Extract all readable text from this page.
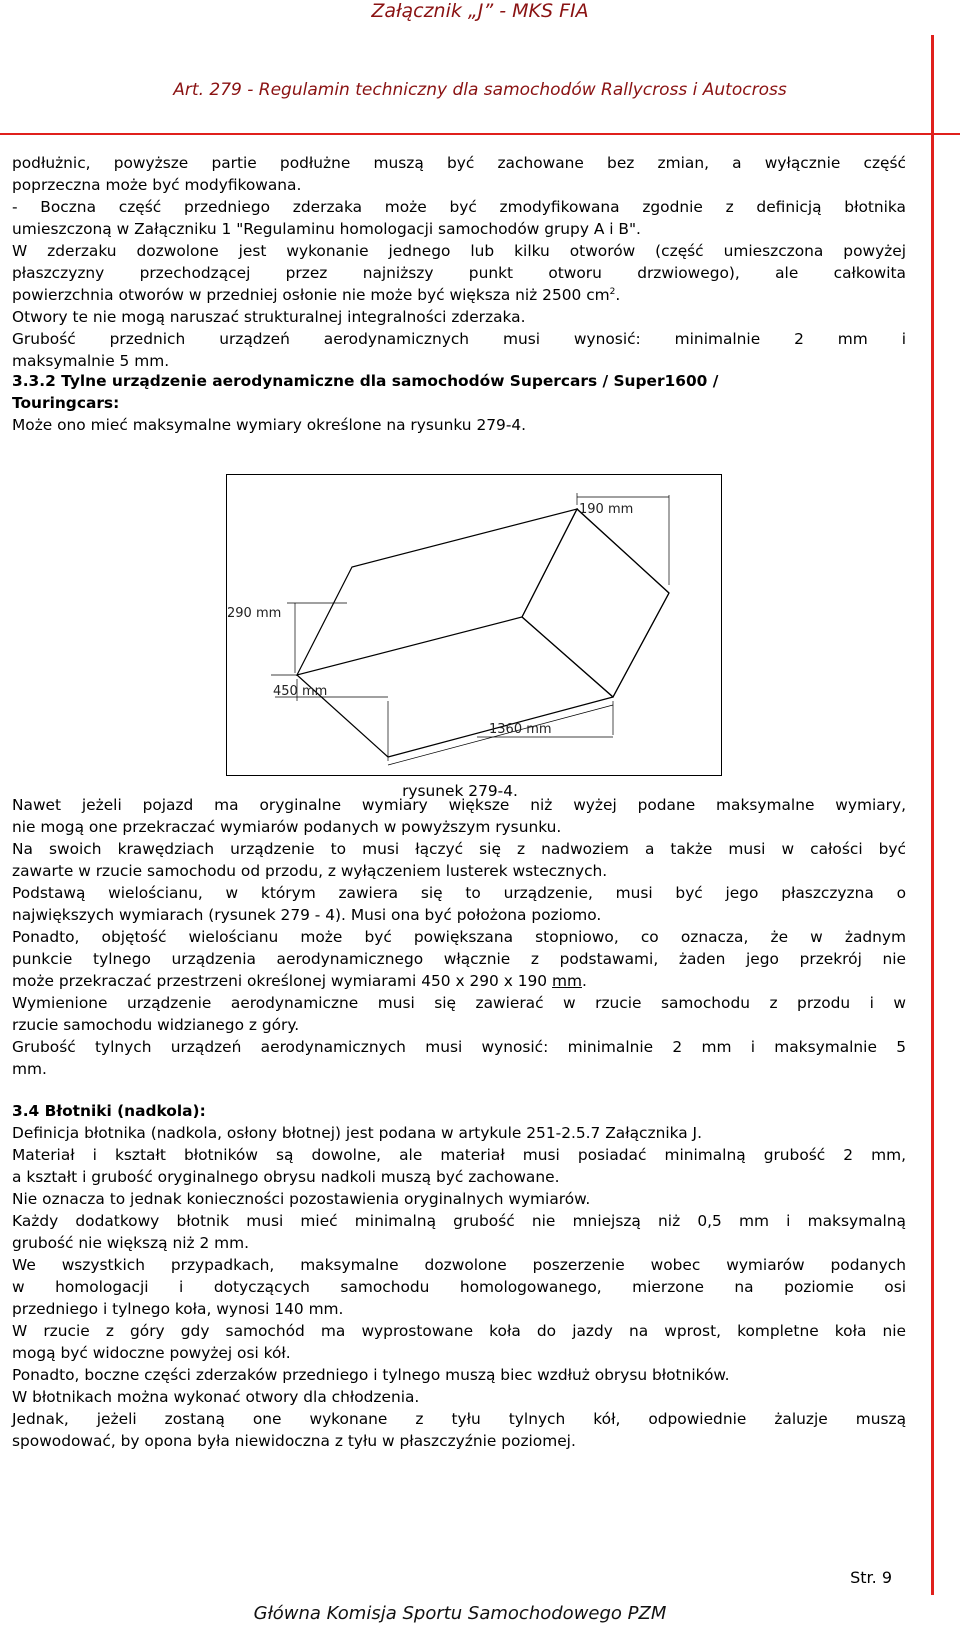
Załącznik „J” - MKS FIA
Art. 279 - Regulamin techniczny dla samochodów Rallycross i Autocross
podłużnic, powyższe partie podłużne muszą być zachowane bez zmian, a wyłącznie część
poprzeczna może być modyfikowana.
- Boczna część przedniego zderzaka może być zmodyfikowana zgodnie z definicją błotnika
umieszczoną w Załączniku 1 "Regulaminu homologacji samochodów grupy A i B".
W zderzaku dozwolone jest wykonanie jednego lub kilku otworów (część umieszczona powyżej
płaszczyzny przechodzącej przez najniższy punkt otworu drzwiowego), ale całkowita
powierzchnia otworów w przedniej osłonie nie może być większa niż 2500 $cm^2$.
Otwory te nie mogą naruszać strukturalnej integralności zderzaka.
Grubość przednich urządzeń aerodynamicznych musi wynosić: minimalnie 2 mm i
maksymalnie 5 mm.
3.3.2 Tylne urządzenie aerodynamiczne dla samochodów Supercars / Super1600 /
Touringcars:
Może ono mieć maksymalne wymiary określone na rysunku 279-4.
190 mm
290 mm
450 mm
1360 mm
rysunek 279-4.
Nawet jeżeli pojazd ma oryginalne wymiary większe niż wyżej podane maksymalne wymiary,
nie mogą one przekraczać wymiarów podanych w powyższym rysunku.
Na swoich krawędziach urządzenie to musi łączyć się z nadwoziem a także musi w całości być
zawarte w rzucie samochodu od przodu, z wyłączeniem lusterek wstecznych.
Podstawą wielościanu, w którym zawiera się to urządzenie, musi być jego płaszczyzna o
największych wymiarach (rysunek 279 - 4). Musi ona być położona poziomo.
Ponadto, objętość wielościanu może być powiększana stopniowo, co oznacza, że w żadnym
punkcie tylnego urządzenia aerodynamicznego włącznie z podstawami, żaden jego przekrój nie
może przekraczać przestrzeni określonej wymiarami 450 x 290 x 190 mm.
Wymienione urządzenie aerodynamiczne musi się zawierać w rzucie samochodu z przodu i w
rzucie samochodu widzianego z góry.
Grubość tylnych urządzeń aerodynamicznych musi wynosić: minimalnie 2 mm i maksymalnie 5
mm.
3.4 Błotniki (nadkola):
Definicja błotnika (nadkola, osłony błotnej) jest podana w artykule 251-2.5.7 Załącznika J.
Materiał i kształt błotników są dowolne, ale materiał musi posiadać minimalną grubość 2 mm,
a kształt i grubość oryginalnego obrysu nadkoli muszą być zachowane.
Nie oznacza to jednak konieczności pozostawienia oryginalnych wymiarów.
Każdy dodatkowy błotnik musi mieć minimalną grubość nie mniejszą niż 0,5 mm i maksymalną
grubość nie większą niż 2 mm.
We wszystkich przypadkach, maksymalne dozwolone poszerzenie wobec wymiarów podanych
w homologacji i dotyczących samochodu homologowanego, mierzone na poziomie osi
przedniego i tylnego koła, wynosi 140 mm.
W rzucie z góry gdy samochód ma wyprostowane koła do jazdy na wprost, kompletne koła nie
mogą być widoczne powyżej osi kół.
Ponadto, boczne części zderzaków przedniego i tylnego muszą biec wzdłuż obrysu błotników.
W błotnikach można wykonać otwory dla chłodzenia.
Jednak, jeżeli zostaną one wykonane z tyłu tylnych kół, odpowiednie żaluzje muszą
spowodować, by opona była niewidoczna z tyłu w płaszczyźnie poziomej.
Str. 9
Główna Komisja Sportu Samochodowego PZM
